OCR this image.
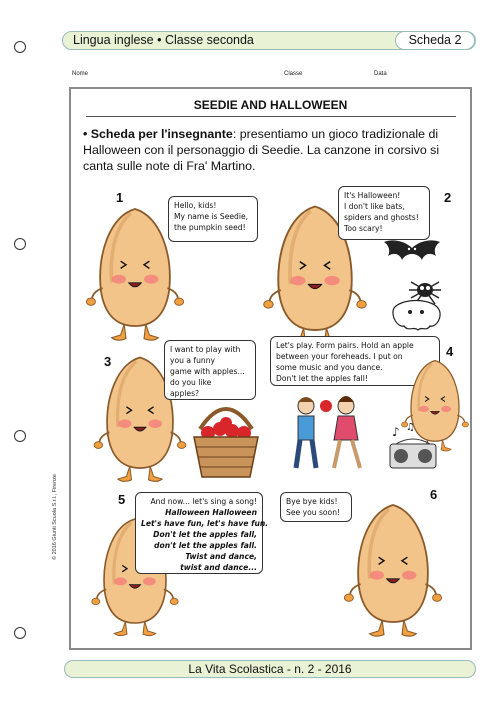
Lingua inglese • Classe seconda	Scheda 2
Nome	Classe	Data
SEEDIE AND HALLOWEEN
• Scheda per l'insegnante: presentiamo un gioco tradizionale di Halloween con il personaggio di Seedie. La canzone in corsivo si canta sulle note di Fra' Martino.
1
Hello, kids!
My name is Seedie,
the pumpkin seed!
2
It's Halloween!
I don't like bats,
spiders and ghosts!
Too scary!
3
I want to play with
you a funny
game with apples...
do you like
apples?
4
Let's play. Form pairs. Hold an apple
between your foreheads. I put on
some music and you dance.
Don't let the apples fall!
♪ ♫
5	And now... let's sing a song!
Halloween Halloween
Let's have fun, let's have fun.
Don't let the apples fall,
don't let the apples fall.
Twist and dance,
twist and dance...
6
Bye bye kids!
See you soon!
© 2016 Giunti Scuola S.r.l., Firenze
La Vita Scolastica - n. 2 - 2016
